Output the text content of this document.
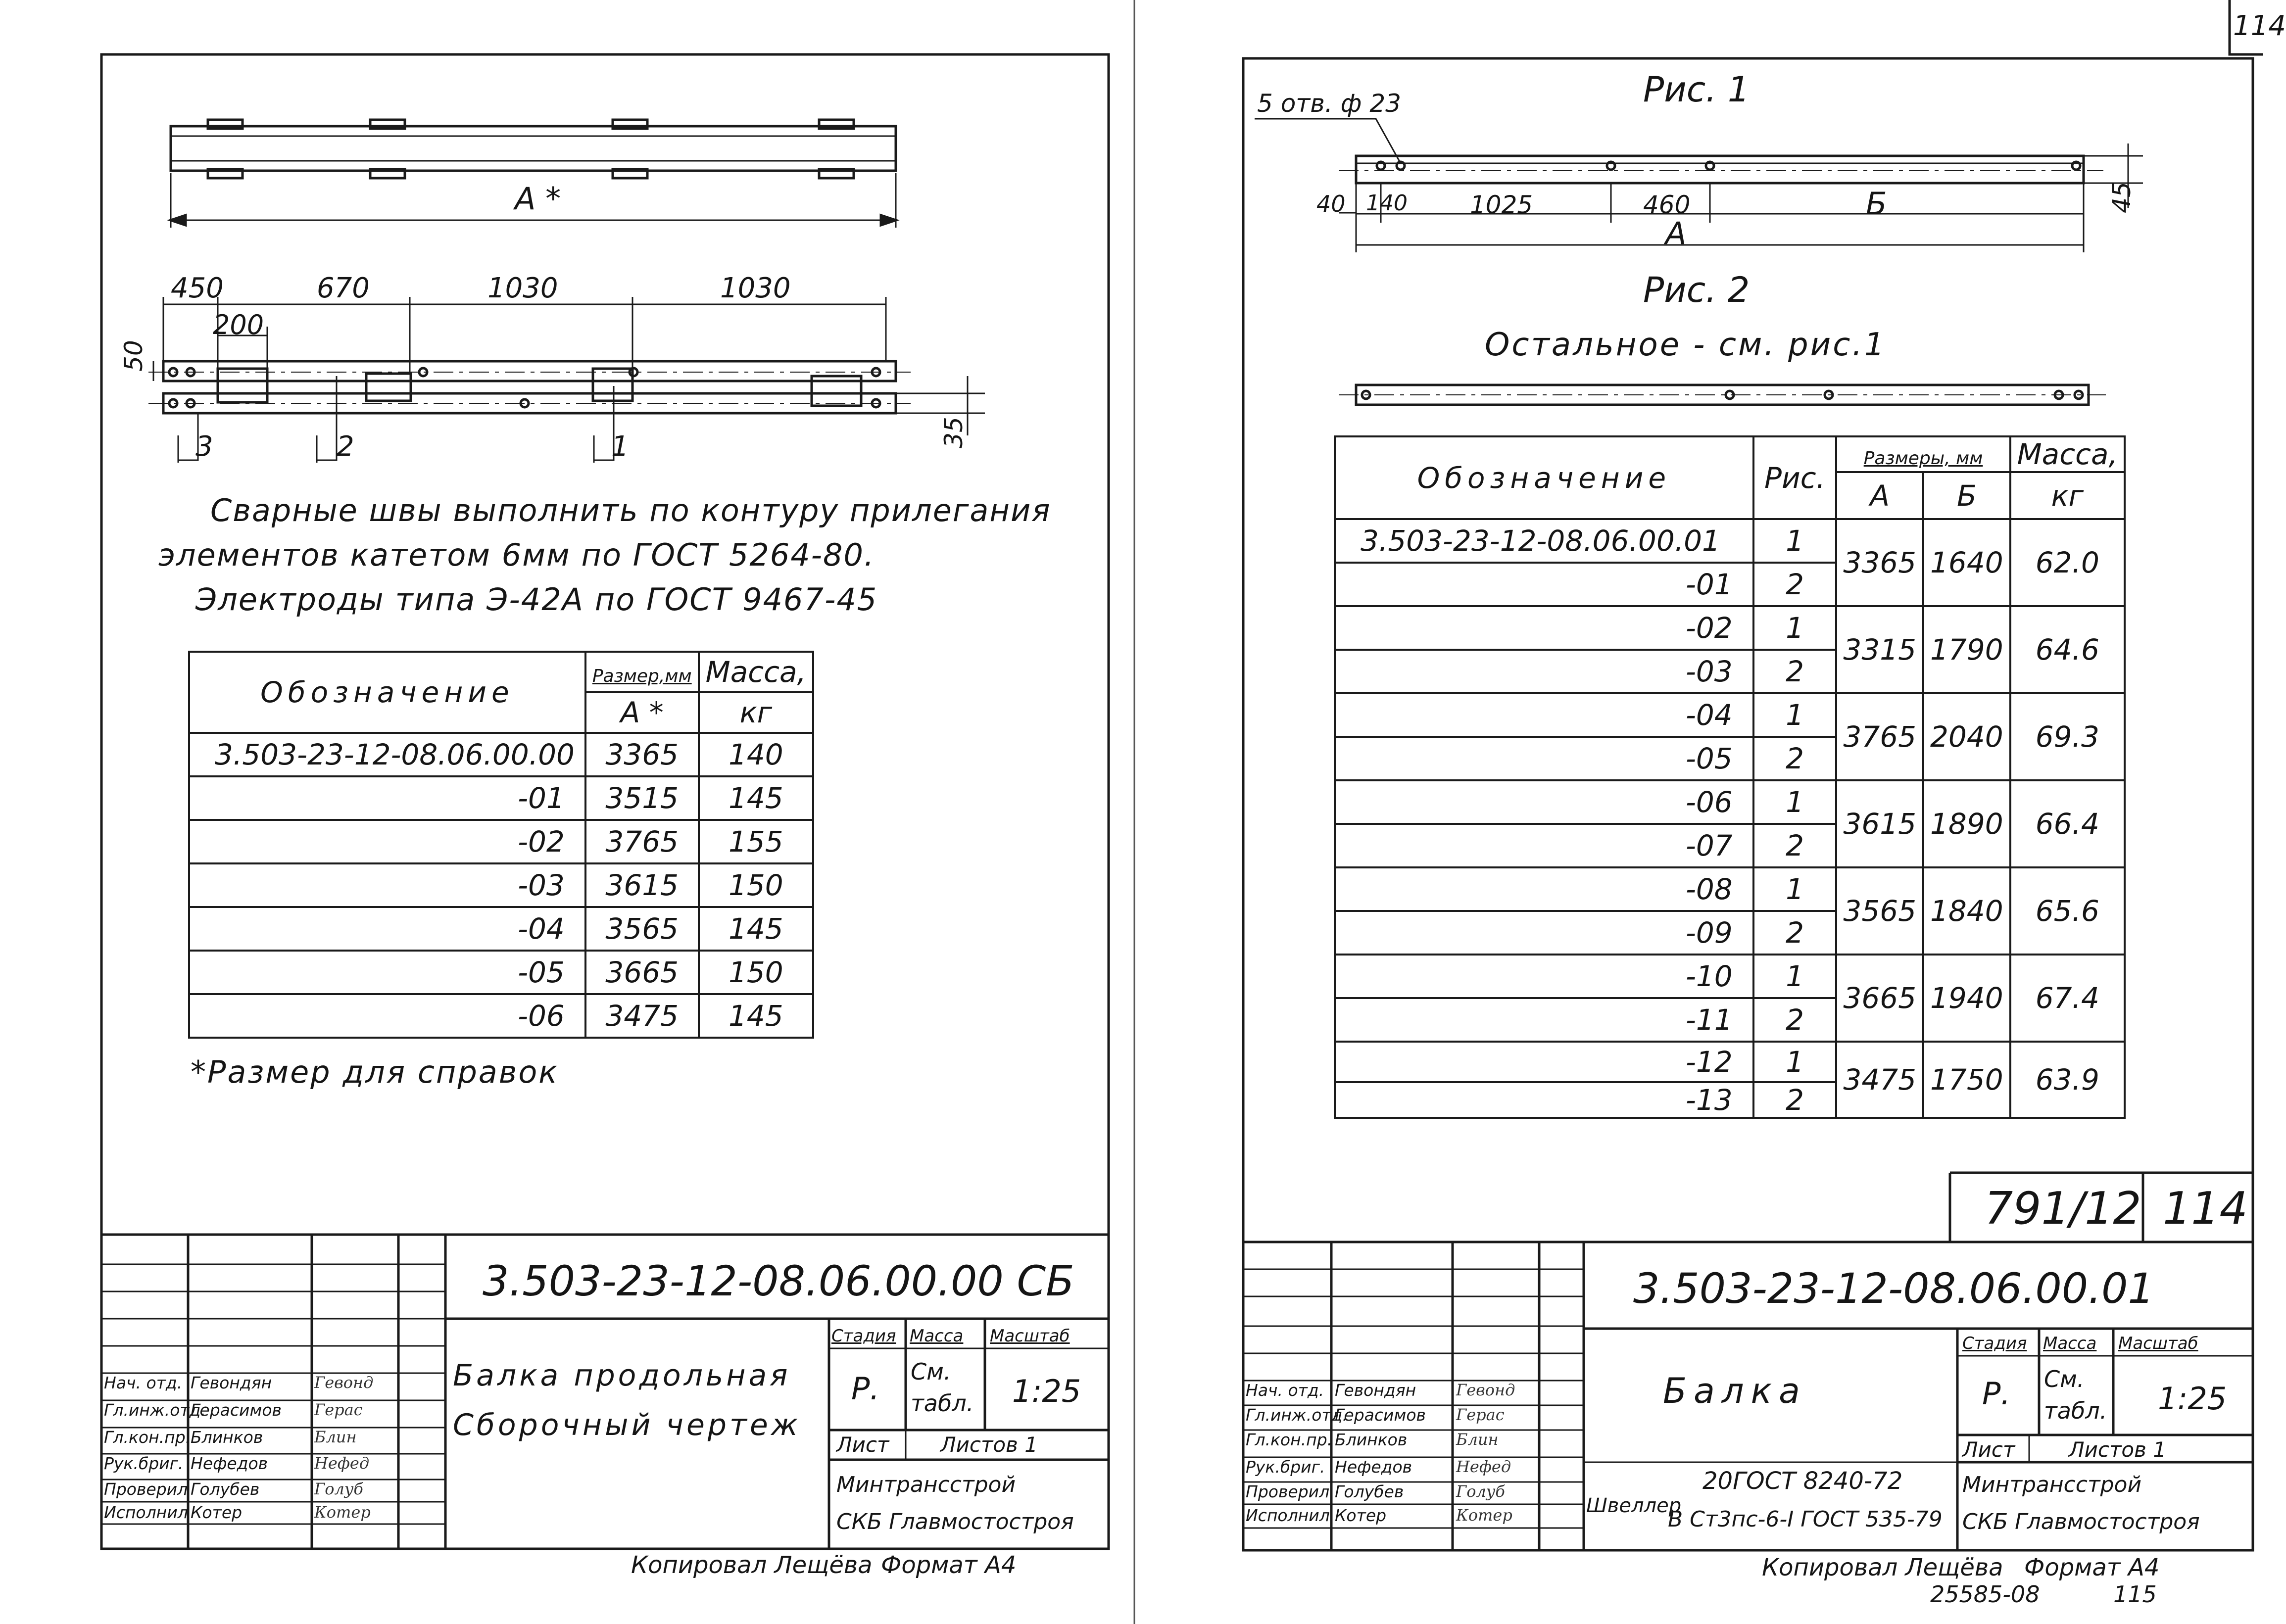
А *
450	670	1030	1030
200
50
35
3	2	1
Сварные швы выполнить по контуру прилегания
элементов катетом 6мм по ГОСТ 5264-80.
Электроды типа Э-42А по ГОСТ 9467-45
Обозначение	Размер,мм	Масса,
	А *	кг
3.503-23-12-08.06.00.00	3365	140
-01	3515	145
-02	3765	155
-03	3615	150
-04	3565	145
-05	3665	150
-06	3475	145
*Размер для справок
3.503-23-12-08.06.00.00 СБ
Балка продольная
Сборочный чертеж
Стадия Масса Масштаб
Р. См. табл. 1:25
Лист Листов 1
Минтрансстрой
СКБ Главмостостроя
Нач. отд. Гевондян	Гевонд
Гл.инж.отд.
Герасимов Герас
Гл.кон.пр. Блинков	Блин
Рук.бриг. Нефедов	Нефед
Проверил Голубев	Голуб
Исполнил Котер	Котер
Копировал Лещёва Формат А4
114
Рис. 1
5 отв. ф 23
40 140	1025	460	Б
А
45
Рис. 2
Остальное - см. рис.1
Обозначение	Рис.	Размеры, мм		Масса,
		А	Б	кг
3.503-23-12-08.06.00.01	1	3365	1640	62.0
-01	2			
-02	1	3315	1790	64.6
-03	2			
-04	1	3765	2040	69.3
-05	2			
-06	1	3615	1890	66.4
-07	2			
-08	1	3565	1840	65.6
-09	2			
-10	1	3665	1940	67.4
-11	2			
-12	1	3475	1750	63.9
-13	2			
791/12 114
3.503-23-12-08.06.00.01
Балка
20ГОСТ 8240-72
Швеллер
В Ст3пс-6-I ГОСТ 535-79
Стадия Масса Масштаб
Р. См. табл. 1:25
Лист	Листов 1
Минтрансстрой
СКБ Главмостостроя
Нач. отд. Гевондян	Гевонд
Гл.инж.отд.
Герасимов Герас
Гл.кон.пр. Блинков	Блин
Рук.бриг. Нефедов	Нефед
Проверил Голубев	Голуб
Исполнил Котер	Котер
Копировал Лещёва Формат А4
25585-08	115
